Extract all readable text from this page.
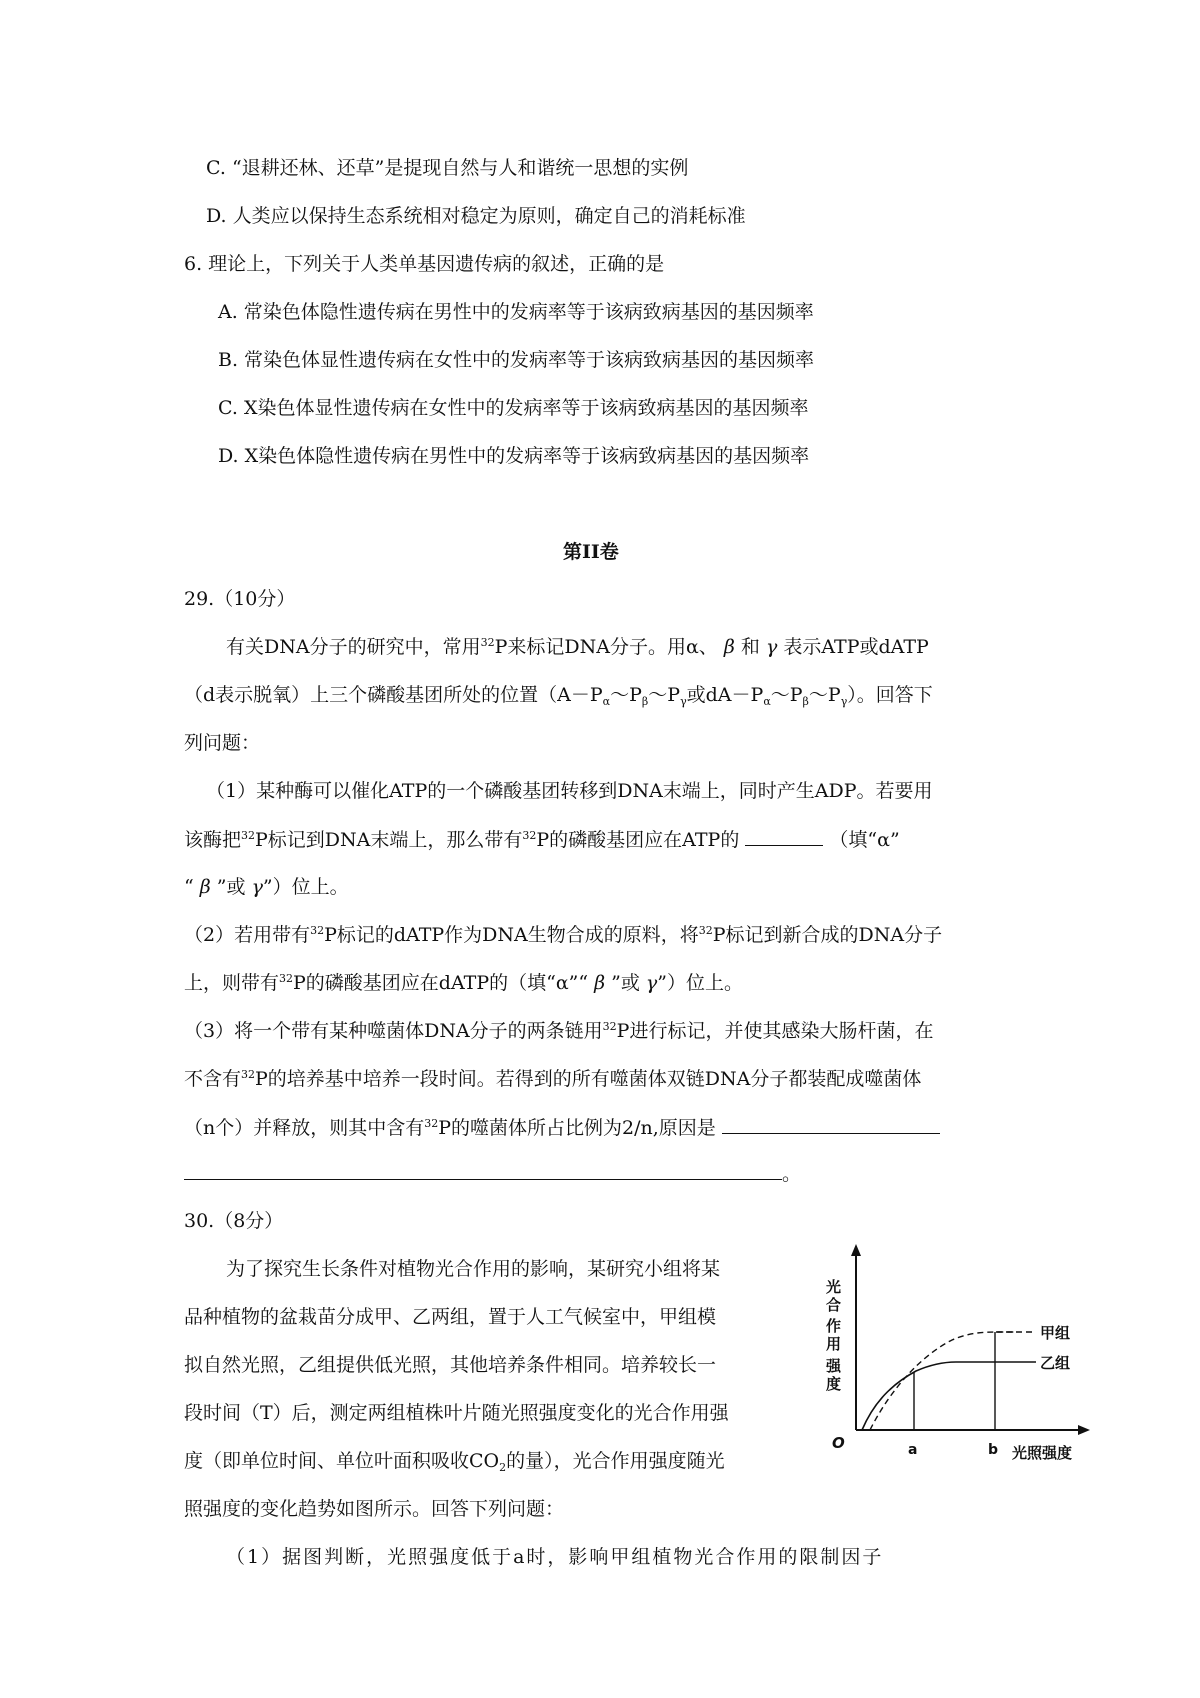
C. “退耕还林、还草”是提现自然与人和谐统一思想的实例
D. 人类应以保持生态系统相对稳定为原则，确定自己的消耗标准
6. 理论上，下列关于人类单基因遗传病的叙述，正确的是
A. 常染色体隐性遗传病在男性中的发病率等于该病致病基因的基因频率
B. 常染色体显性遗传病在女性中的发病率等于该病致病基因的基因频率
C. X染色体显性遗传病在女性中的发病率等于该病致病基因的基因频率
D. X染色体隐性遗传病在男性中的发病率等于该病致病基因的基因频率
第II卷
29.（10分）
有关DNA分子的研究中，常用$^{32}$P来标记DNA分子。用α、 β 和 γ 表示ATP或dATP
（d表示脱氧）上三个磷酸基团所处的位置（$A-P_\alpha\sim P_\beta\sim P_\gamma$或$dA-P_\alpha\sim P_\beta\sim P_\gamma$）。回答下
列问题：
（1）某种酶可以催化ATP的一个磷酸基团转移到DNA末端上，同时产生ADP。若要用
该酶把$^{32}$P标记到DNA末端上，那么带有$^{32}$P的磷酸基团应在ATP的	（填“α”
“ β ”或 γ”）位上。
（2）若用带有$^{32}$P标记的dATP作为DNA生物合成的原料，将$^{32}$P标记到新合成的DNA分子
上，则带有$^{32}$P的磷酸基团应在dATP的（填“α”“ β ”或 γ”）位上。
（3）将一个带有某种噬菌体DNA分子的两条链用$^{32}$P进行标记，并使其感染大肠杆菌，在
不含有$^{32}$P的培养基中培养一段时间。若得到的所有噬菌体双链DNA分子都装配成噬菌体
（n个）并释放，则其中含有$^{32}$P的噬菌体所占比例为2/n,原因是
。
30.（8分）
为了探究生长条件对植物光合作用的影响，某研究小组将某
品种植物的盆栽苗分成甲、乙两组，置于人工气候室中，甲组模
拟自然光照，乙组提供低光照，其他培养条件相同。培养较长一
段时间（T）后，测定两组植株叶片随光照强度变化的光合作用强
度（即单位时间、单位叶面积吸收$CO_2$的量），光合作用强度随光
照强度的变化趋势如图所示。回答下列问题：
（1）据图判断，光照强度低于a时，影响甲组植物光合作用的限制因子
光
合
作
用
强
度
O	a	b 光照强度
乙组
甲组
